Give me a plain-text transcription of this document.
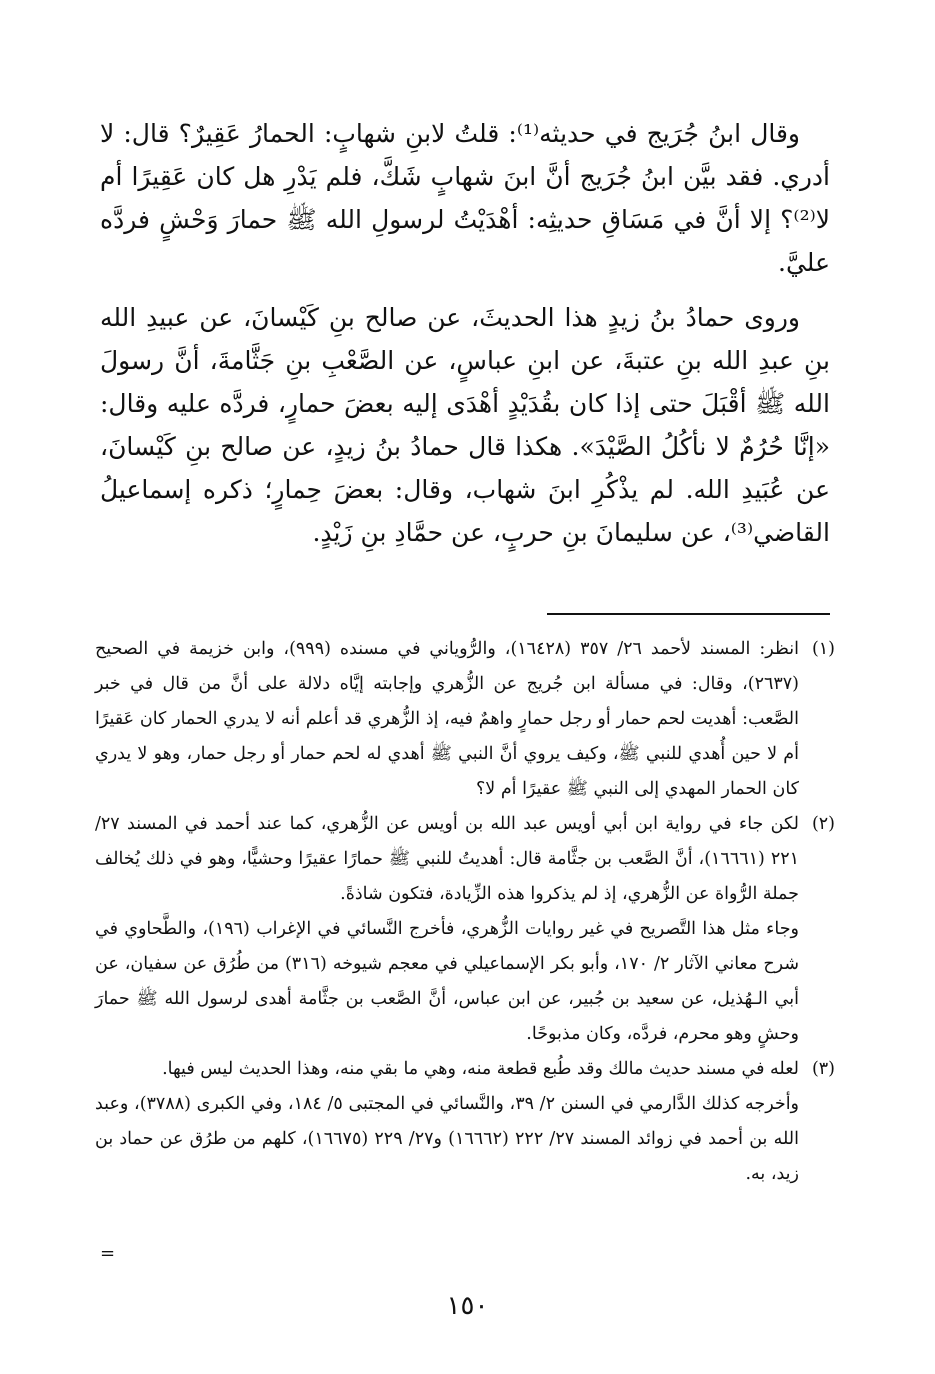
وقال ابنُ جُرَيج في حديثه⁽¹⁾: قلتُ لابنِ شهابٍ: الحمارُ عَقِيرٌ؟ قال: لا أدري. فقد بيَّن ابنُ جُرَيج أنَّ ابنَ شهابٍ شَكَّ، فلم يَدْرِ هل كان عَقِيرًا أم لا⁽²⁾؟ إلا أنَّ في مَسَاقِ حديثِه: أهْدَيْتُ لرسولِ الله ﷺ حمارَ وَحْشٍ فردَّه عليَّ.

وروى حمادُ بنُ زيدٍ هذا الحديثَ، عن صالح بنِ كَيْسانَ، عن عبيدِ الله بنِ عبدِ الله بنِ عتبةَ، عن ابنِ عباسٍ، عن الصَّعْبِ بنِ جَثَّامةَ، أنَّ رسولَ الله ﷺ أقْبَلَ حتى إذا كان بقُدَيْدٍ أهْدَى إليه بعضَ حمارٍ، فردَّه عليه وقال: «إنَّا حُرُمٌ لا نأكُلُ الصَّيْدَ». هكذا قال حمادُ بنُ زيدٍ، عن صالح بنِ كَيْسانَ، عن عُبَيدِ الله. لم يذْكُرِ ابنَ شهاب، وقال: بعضَ حِمارٍ؛ ذكره إسماعيلُ القاضي⁽³⁾، عن سليمانَ بنِ حربٍ، عن حمَّادِ بنِ زَيْدٍ.

(١)
انظر: المسند لأحمد ٢٦/ ٣٥٧ (١٦٤٢٨)، والرُّوياني في مسنده (٩٩٩)، وابن خزيمة في الصحيح (٢٦٣٧)، وقال: في مسألة ابن جُريج عن الزُّهري وإجابته إيَّاه دلالة على أنَّ من قال في خبر الصَّعب: أهديت لحم حمار أو رجل حمارٍ واهمٌ فيه، إذ الزُّهري قد أعلم أنه لا يدري الحمار كان عَقيرًا أم لا حين أُهدي للنبي ﷺ، وكيف يروي أنَّ النبي ﷺ أهدي له لحم حمار أو رجل حمار، وهو لا يدري كان الحمار المهدي إلى النبي ﷺ عقيرًا أم لا؟
(٢)
لكن جاء في رواية ابن أبي أويس عبد الله بن أويس عن الزُّهري، كما عند أحمد في المسند ٢٧/ ٢٢١ (١٦٦٦١)، أنَّ الصَّعب بن جثَّامة قال: أهديتُ للنبي ﷺ حمارًا عقيرًا وحشيًّا، وهو في ذلك يُخالف جملة الرُّواة عن الزُّهري، إذ لم يذكروا هذه الزِّيادة، فتكون شاذةً.
وجاء مثل هذا التَّصريح في غير روايات الزُّهري، فأخرج النَّسائي في الإغراب (١٩٦)، والطَّحاوي في شرح معاني الآثار ٢/ ١٧٠، وأبو بكر الإسماعيلي في معجم شيوخه (٣١٦) من طُرُق عن سفيان، عن أبي الـهُذيل، عن سعيد بن جُبير، عن ابن عباس، أنَّ الصَّعب بن جثَّامة أهدى لرسول الله ﷺ حمارَ وحشٍ وهو محرم، فردَّه، وكان مذبوحًا.
(٣)
لعله في مسند حديث مالك وقد طُبع قطعة منه، وهي ما بقي منه، وهذا الحديث ليس فيها.
وأخرجه كذلك الدَّارمي في السنن ٢/ ٣٩، والنَّسائي في المجتبى ٥/ ١٨٤، وفي الكبرى (٣٧٨٨)، وعبد الله بن أحمد في زوائد المسند ٢٧/ ٢٢٢ (١٦٦٦٢) و٢٧/ ٢٢٩ (١٦٦٧٥)، كلهم من طرُق عن حماد بن زيد، به.
=
١٥٠
